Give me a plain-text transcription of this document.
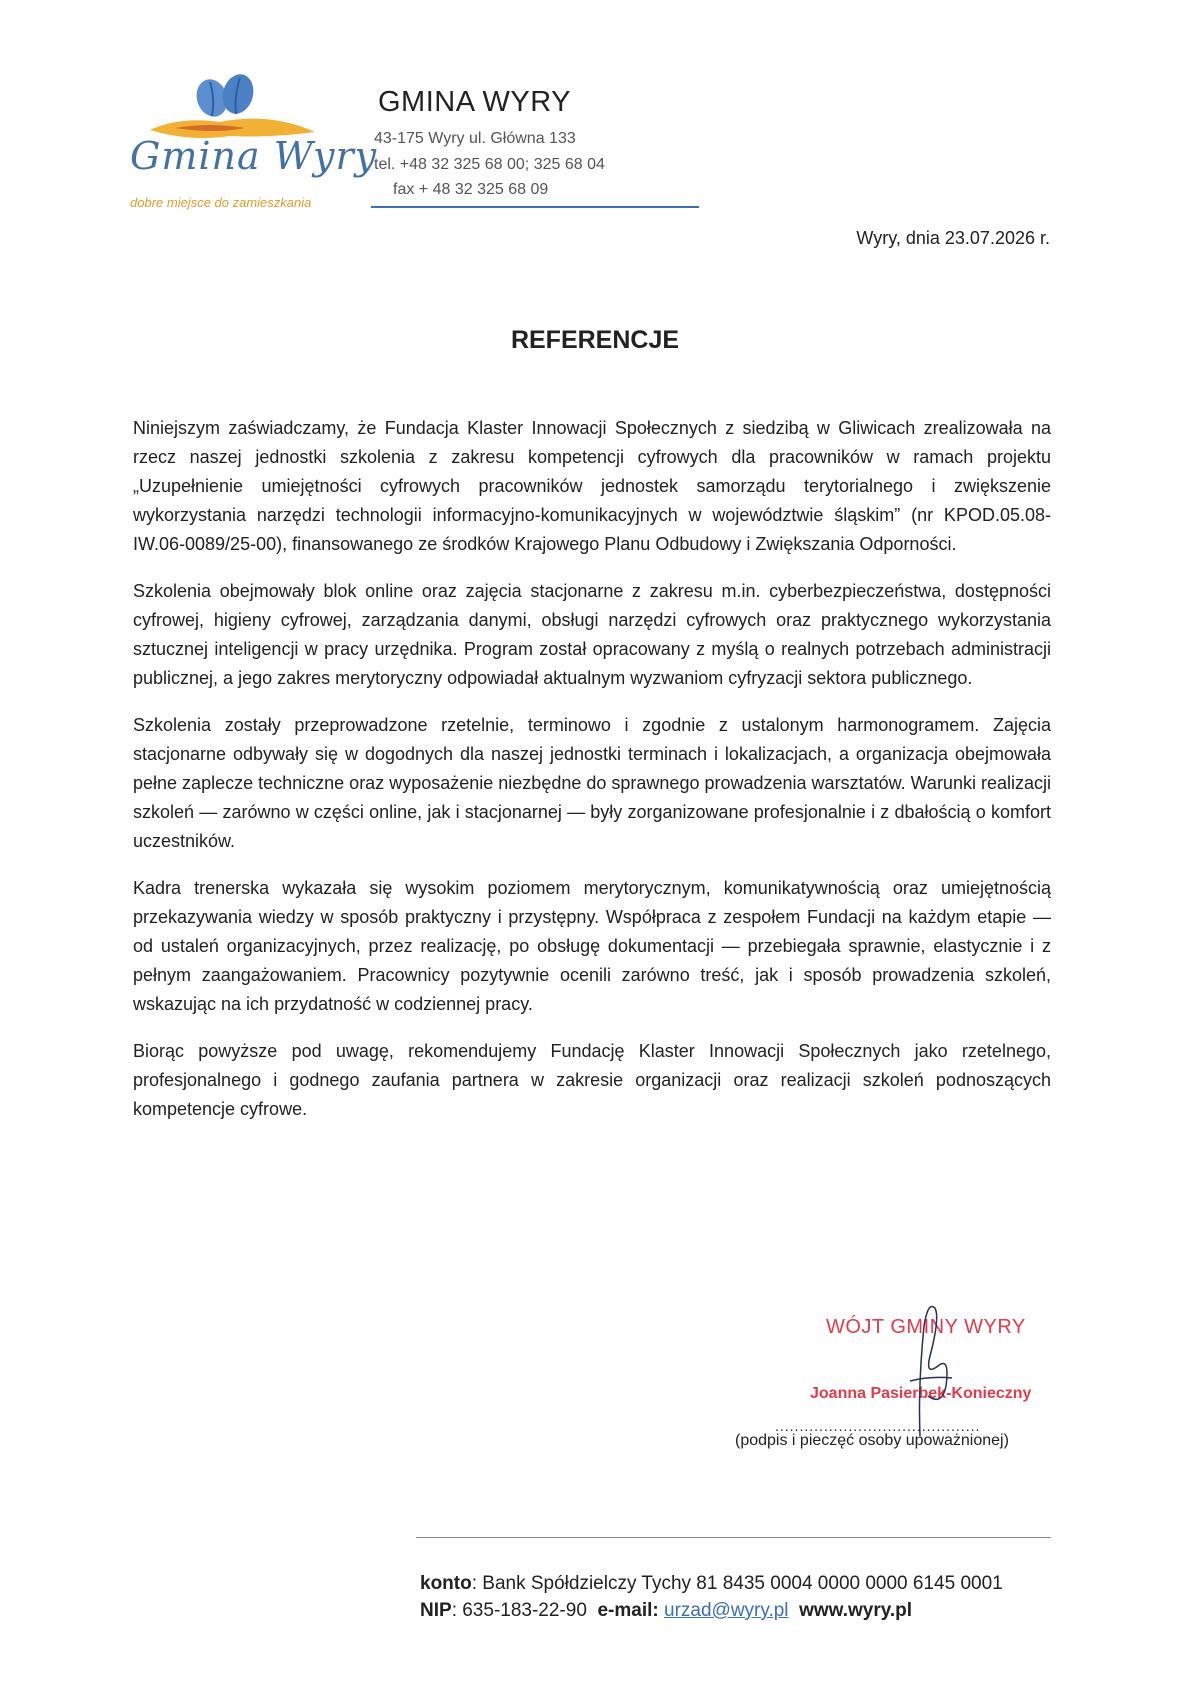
Gmina Wyry
dobre miejsce do zamieszkania
GMINA WYRY
43-175 Wyry ul. Główna 133
tel. +48 32 325 68 00; 325 68 04
fax + 48 32 325 68 09
Wyry, dnia 23.07.2026 r.
REFERENCJE

Niniejszym zaświadczamy, że Fundacja Klaster Innowacji Społecznych z siedzibą w Gliwicach zrealizowała na rzecz naszej jednostki szkolenia z zakresu kompetencji cyfrowych dla pracowników w ramach projektu „Uzupełnienie umiejętności cyfrowych pracowników jednostek samorządu terytorialnego i zwiększenie wykorzystania narzędzi technologii informacyjno-komunikacyjnych w województwie śląskim” (nr KPOD.05.08-IW.06-0089/25-00), finansowanego ze środków Krajowego Planu Odbudowy i Zwiększania Odporności.

Szkolenia obejmowały blok online oraz zajęcia stacjonarne z zakresu m.in. cyberbezpieczeństwa, dostępności cyfrowej, higieny cyfrowej, zarządzania danymi, obsługi narzędzi cyfrowych oraz praktycznego wykorzystania sztucznej inteligencji w pracy urzędnika. Program został opracowany z myślą o realnych potrzebach administracji publicznej, a jego zakres merytoryczny odpowiadał aktualnym wyzwaniom cyfryzacji sektora publicznego.

Szkolenia zostały przeprowadzone rzetelnie, terminowo i zgodnie z ustalonym harmonogramem. Zajęcia stacjonarne odbywały się w dogodnych dla naszej jednostki terminach i lokalizacjach, a organizacja obejmowała pełne zaplecze techniczne oraz wyposażenie niezbędne do sprawnego prowadzenia warsztatów. Warunki realizacji szkoleń — zarówno w części online, jak i stacjonarnej — były zorganizowane profesjonalnie i z dbałością o komfort uczestników.

Kadra trenerska wykazała się wysokim poziomem merytorycznym, komunikatywnością oraz umiejętnością przekazywania wiedzy w sposób praktyczny i przystępny. Współpraca z zespołem Fundacji na każdym etapie — od ustaleń organizacyjnych, przez realizację, po obsługę dokumentacji — przebiegała sprawnie, elastycznie i z pełnym zaangażowaniem. Pracownicy pozytywnie ocenili zarówno treść, jak i sposób prowadzenia szkoleń, wskazując na ich przydatność w codziennej pracy.

Biorąc powyższe pod uwagę, rekomendujemy Fundację Klaster Innowacji Społecznych jako rzetelnego, profesjonalnego i godnego zaufania partnera w zakresie organizacji oraz realizacji szkoleń podnoszących kompetencje cyfrowe.

WÓJT GMINY WYRY
Joanna Pasierbek-Konieczny
..........................................
(podpis i pieczęć osoby upoważnionej)
konto: Bank Spółdzielczy Tychy 81 8435 0004 0000 0000 6145 0001
NIP: 635-183-22-90 e-mail: urzad@wyry.pl www.wyry.pl
